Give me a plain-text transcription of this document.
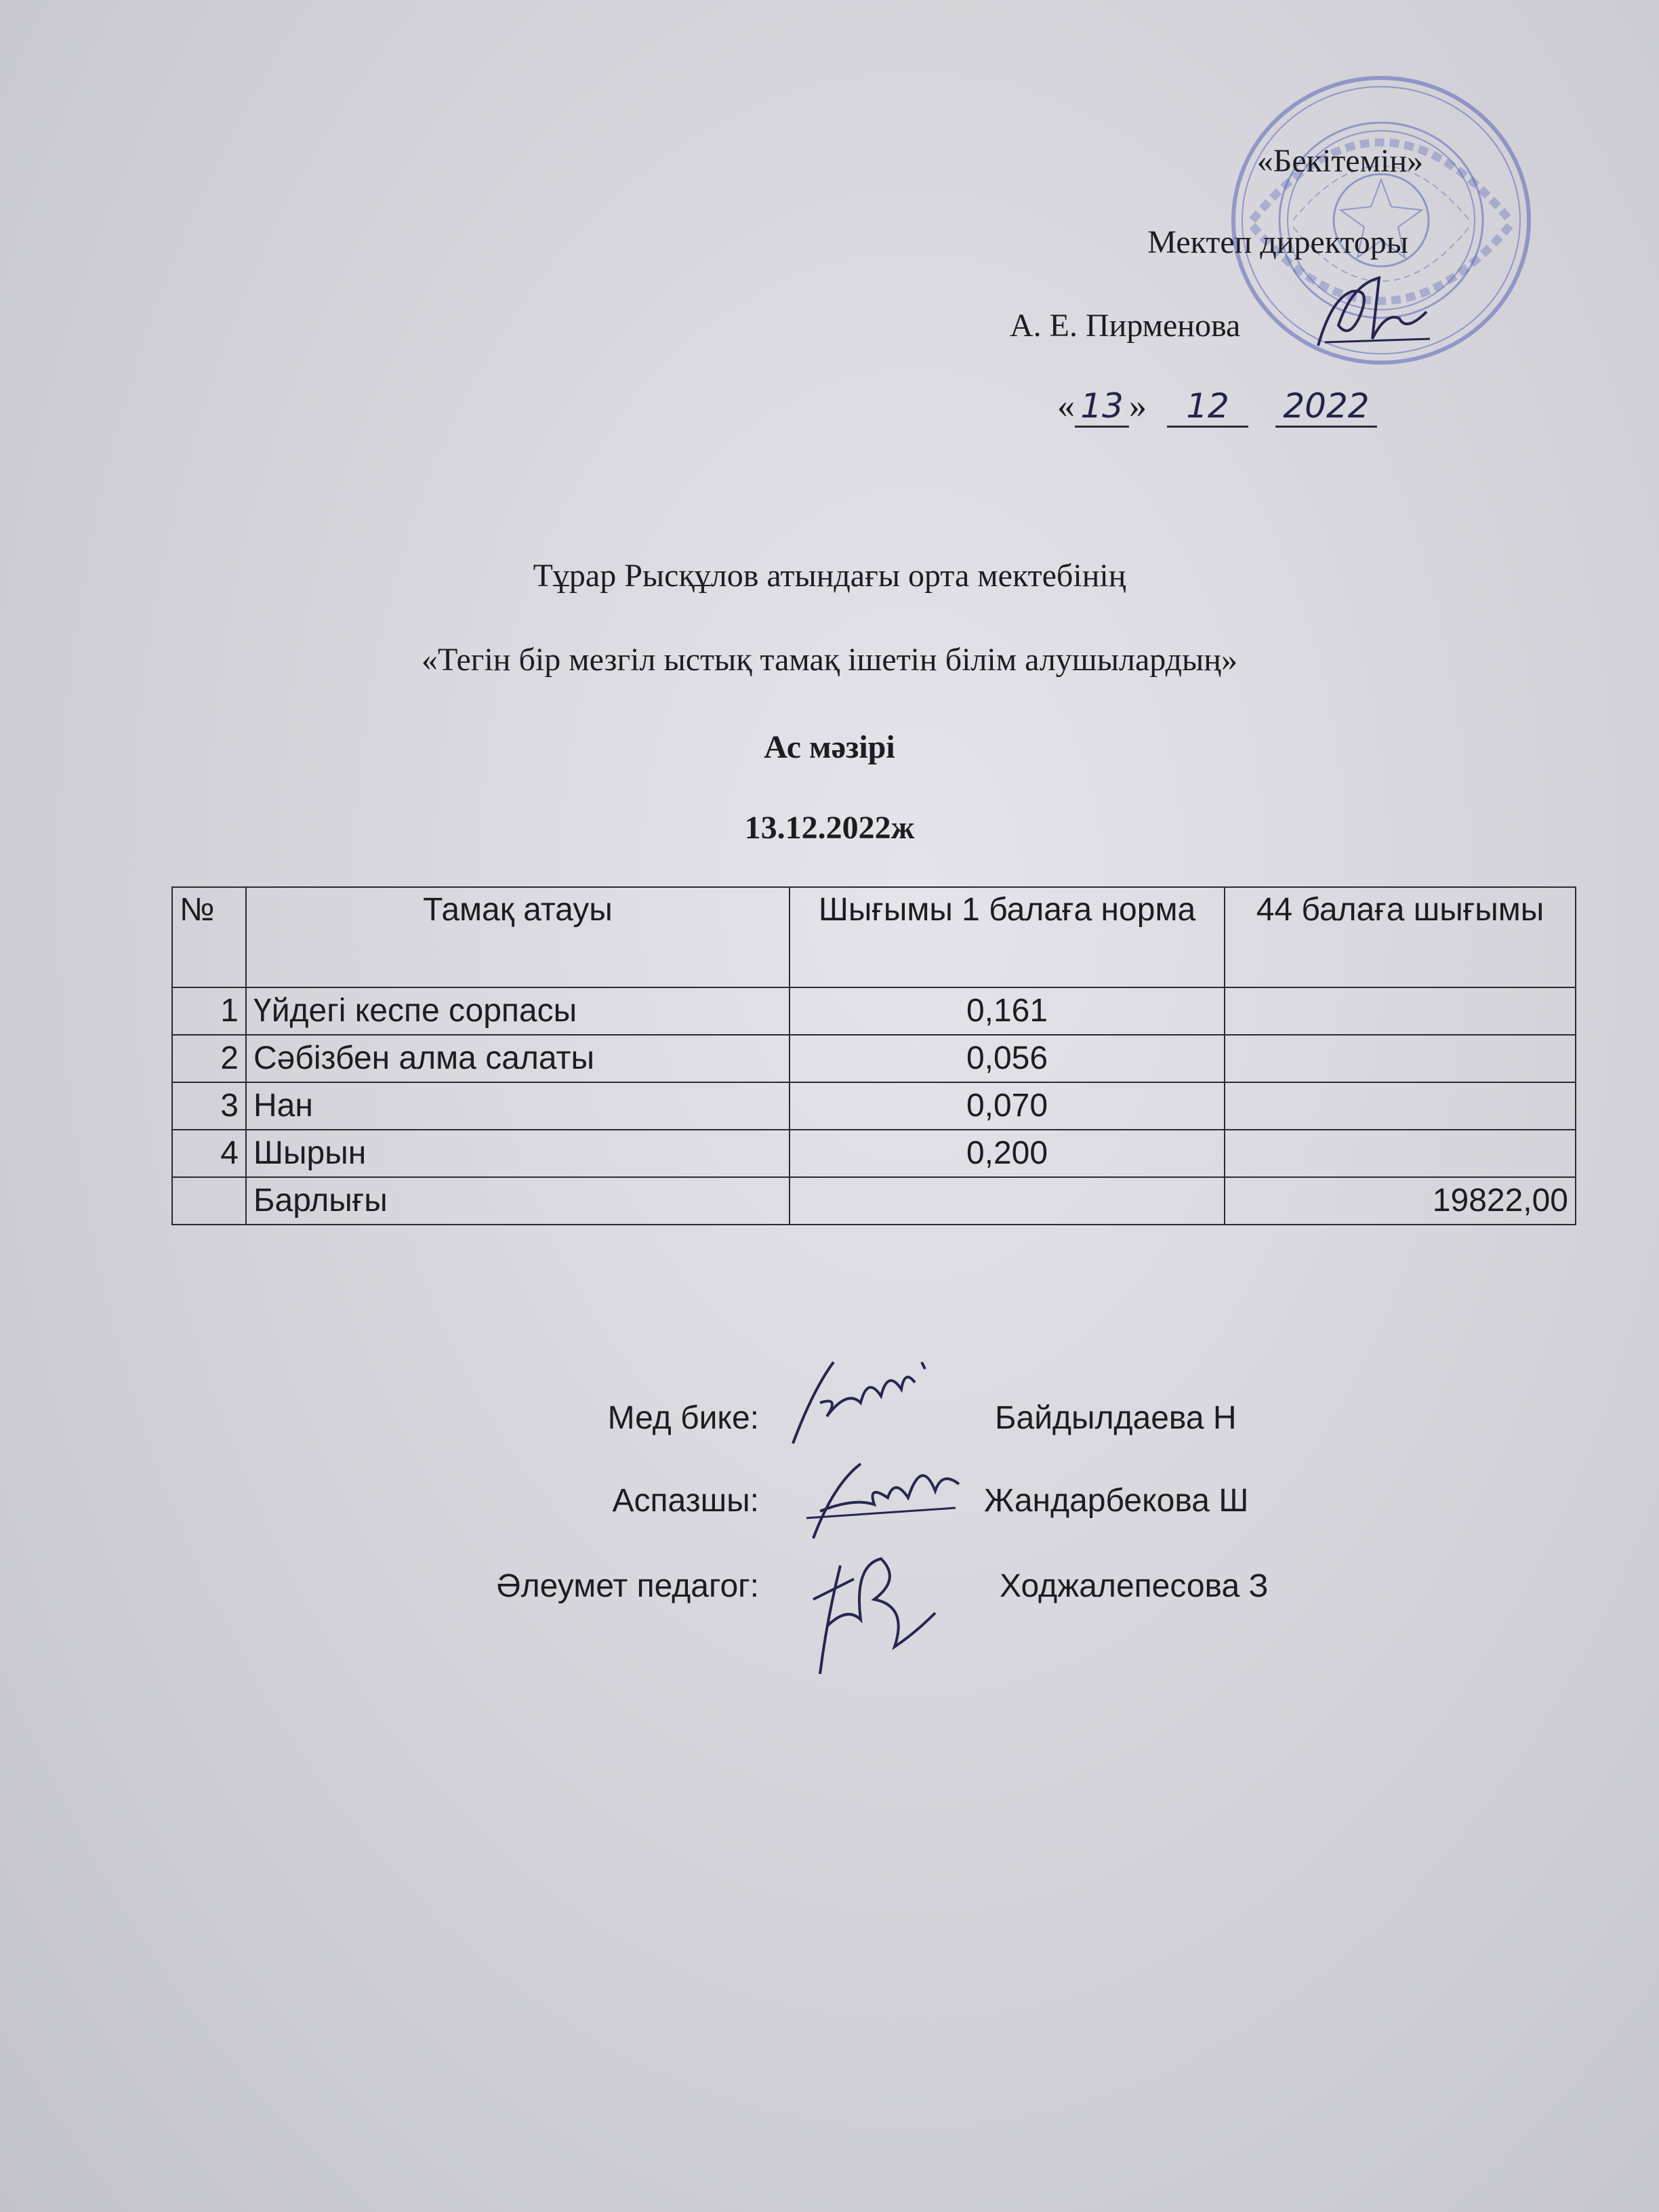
«Бекітемін»
Мектеп директоры
А. Е. Пирменова
« 13 » 12 2022
Тұрар Рысқұлов атындағы орта мектебінің
«Тегін бір мезгіл ыстық тамақ ішетін білім алушылардың»
Ас мәзірі
13.12.2022ж
№	Тамақ атауы	Шығымы 1 балаға норма	44 балаға шығымы
1	Үйдегі кеспе сорпасы	0,161	
2	Сәбізбен алма салаты	0,056	
3	Нан	0,070	
4	Шырын	0,200	
	Барлығы		19822,00
Мед бике:	Байдылдаева Н
Аспазшы:	Жандарбекова Ш
Әлеумет педагог:	Ходжалепесова З
